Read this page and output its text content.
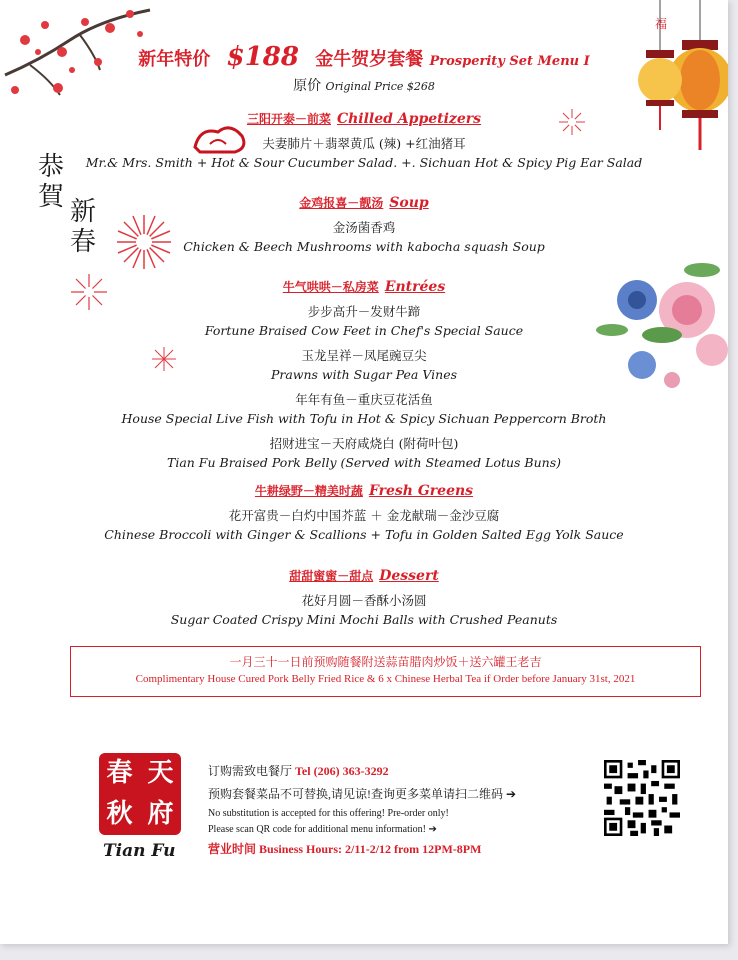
福
恭
賀 新
春
新年特价 $188 金牛贺岁套餐 Prosperity Set Menu I
原价 Original Price $268
三阳开泰－前菜 Chilled Appetizers
夫妻肺片＋翡翠黄瓜 (辣) +红油猪耳
Mr.& Mrs. Smith + Hot & Sour Cucumber Salad. +. Sichuan Hot & Spicy Pig Ear Salad
金鸡报喜－靓汤 Soup
金汤菌香鸡
Chicken & Beech Mushrooms with kabocha squash Soup
牛气哄哄－私房菜 Entrées
步步高升－发财牛蹄
Fortune Braised Cow Feet in Chef's Special Sauce
玉龙呈祥－凤尾豌豆尖
Prawns with Sugar Pea Vines
年年有鱼－重庆豆花活鱼
House Special Live Fish with Tofu in Hot & Spicy Sichuan Peppercorn Broth
招财进宝－天府咸烧白 (附荷叶包)
Tian Fu Braised Pork Belly (Served with Steamed Lotus Buns)
牛耕绿野－精美时蔬 Fresh Greens
花开富贵－白灼中国芥蓝 ＋ 金龙献瑞－金沙豆腐
Chinese Broccoli with Ginger & Scallions + Tofu in Golden Salted Egg Yolk Sauce
甜甜蜜蜜－甜点 Dessert
花好月圆－香酥小汤圆
Sugar Coated Crispy Mini Mochi Balls with Crushed Peanuts
一月三十一日前预购随餐附送蒜苗腊肉炒饭＋送六罐王老吉
Complimentary House Cured Pork Belly Fried Rice & 6 x Chinese Herbal Tea if Order before January 31st, 2021
春 天
秋 府
Tian Fu
订购需致电餐厅 Tel (206) 363-3292
预购套餐菜品不可替换,请见谅!查询更多菜单请扫二维码 ➔
No substitution is accepted for this offering! Pre-order only!
Please scan QR code for additional menu information! ➔
营业时间 Business Hours: 2/11-2/12 from 12PM-8PM
